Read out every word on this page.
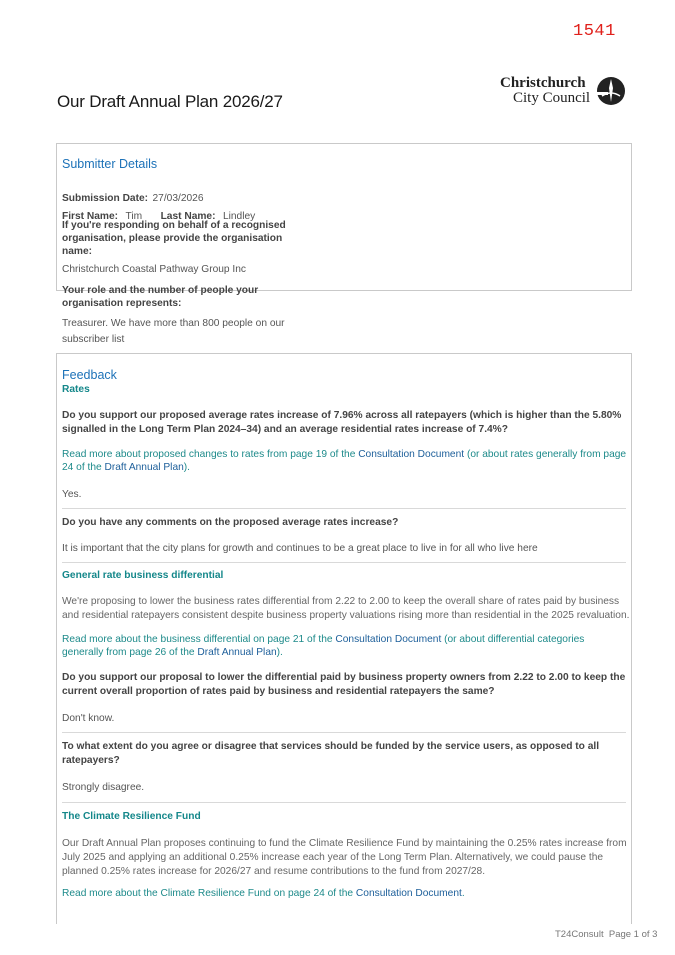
1541
Our Draft Annual Plan 2026/27
Christchurch
City Council
Submitter Details
Submission Date: 27/03/2026
First Name: Tim Last Name: Lindley
If you're responding on behalf of a recognised organisation, please provide the organisation name:
Christchurch Coastal Pathway Group Inc
Your role and the number of people your organisation represents:
Treasurer. We have more than 800 people on our subscriber list
Feedback
Rates
Do you support our proposed average rates increase of 7.96% across all ratepayers (which is higher than the 5.80% signalled in the Long Term Plan 2024–34) and an average residential rates increase of 7.4%?
Read more about proposed changes to rates from page 19 of the Consultation Document (or about rates generally from page 24 of the Draft Annual Plan).
Yes.
Do you have any comments on the proposed average rates increase?
It is important that the city plans for growth and continues to be a great place to live in for all who live here
General rate business differential
We're proposing to lower the business rates differential from 2.22 to 2.00 to keep the overall share of rates paid by business and residential ratepayers consistent despite business property valuations rising more than residential in the 2025 revaluation.
Read more about the business differential on page 21 of the Consultation Document (or about differential categories generally from page 26 of the Draft Annual Plan).
Do you support our proposal to lower the differential paid by business property owners from 2.22 to 2.00 to keep the current overall proportion of rates paid by business and residential ratepayers the same?
Don't know.
To what extent do you agree or disagree that services should be funded by the service users, as opposed to all ratepayers?
Strongly disagree.
The Climate Resilience Fund
Our Draft Annual Plan proposes continuing to fund the Climate Resilience Fund by maintaining the 0.25% rates increase from July 2025 and applying an additional 0.25% increase each year of the Long Term Plan. Alternatively, we could pause the planned 0.25% rates increase for 2026/27 and resume contributions to the fund from 2027/28.
Read more about the Climate Resilience Fund on page 24 of the Consultation Document.
T24Consult  Page 1 of 3
